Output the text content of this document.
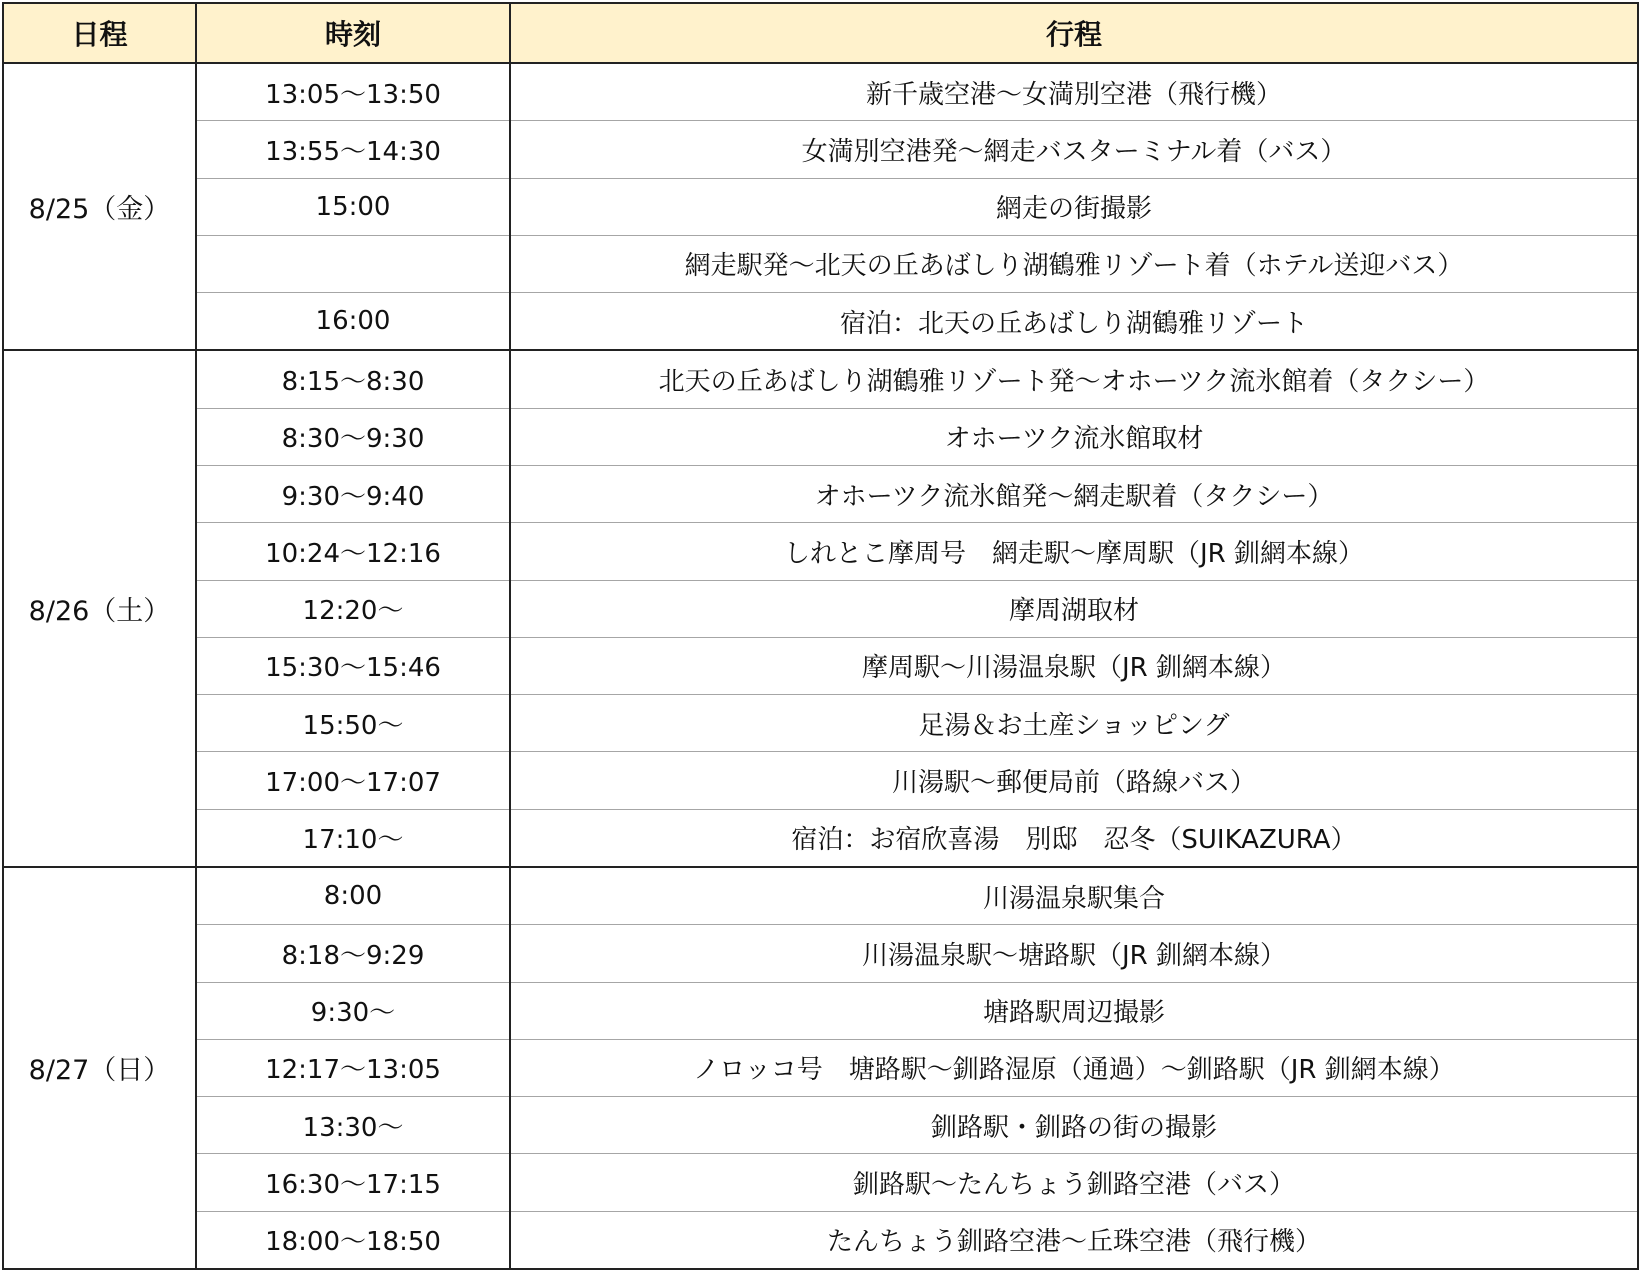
日程	時刻	行程
8/25（金）	13:05～13:50	新千歳空港～女満別空港（飛行機）
	13:55～14:30	女満別空港発～網走バスターミナル着（バス）
	15:00	網走の街撮影
		網走駅発～北天の丘あばしり湖鶴雅リゾート着（ホテル送迎バス）
	16:00	宿泊：北天の丘あばしり湖鶴雅リゾート
8/26（土）	8:15～8:30	北天の丘あばしり湖鶴雅リゾート発～オホーツク流氷館着（タクシー）
	8:30～9:30	オホーツク流氷館取材
	9:30～9:40	オホーツク流氷館発～網走駅着（タクシー）
	10:24～12:16	しれとこ摩周号　網走駅～摩周駅（JR 釧網本線）
	12:20～	摩周湖取材
	15:30～15:46	摩周駅～川湯温泉駅（JR 釧網本線）
	15:50～	足湯＆お土産ショッピング
	17:00～17:07	川湯駅～郵便局前（路線バス）
	17:10～	宿泊：お宿欣喜湯　別邸　忍冬（SUIKAZURA）
8/27（日）	8:00	川湯温泉駅集合
	8:18～9:29	川湯温泉駅～塘路駅（JR 釧網本線）
	9:30～	塘路駅周辺撮影
	12:17～13:05	ノロッコ号　塘路駅～釧路湿原（通過）～釧路駅（JR 釧網本線）
	13:30～	釧路駅・釧路の街の撮影
	16:30～17:15	釧路駅～たんちょう釧路空港（バス）
	18:00～18:50	たんちょう釧路空港～丘珠空港（飛行機）
